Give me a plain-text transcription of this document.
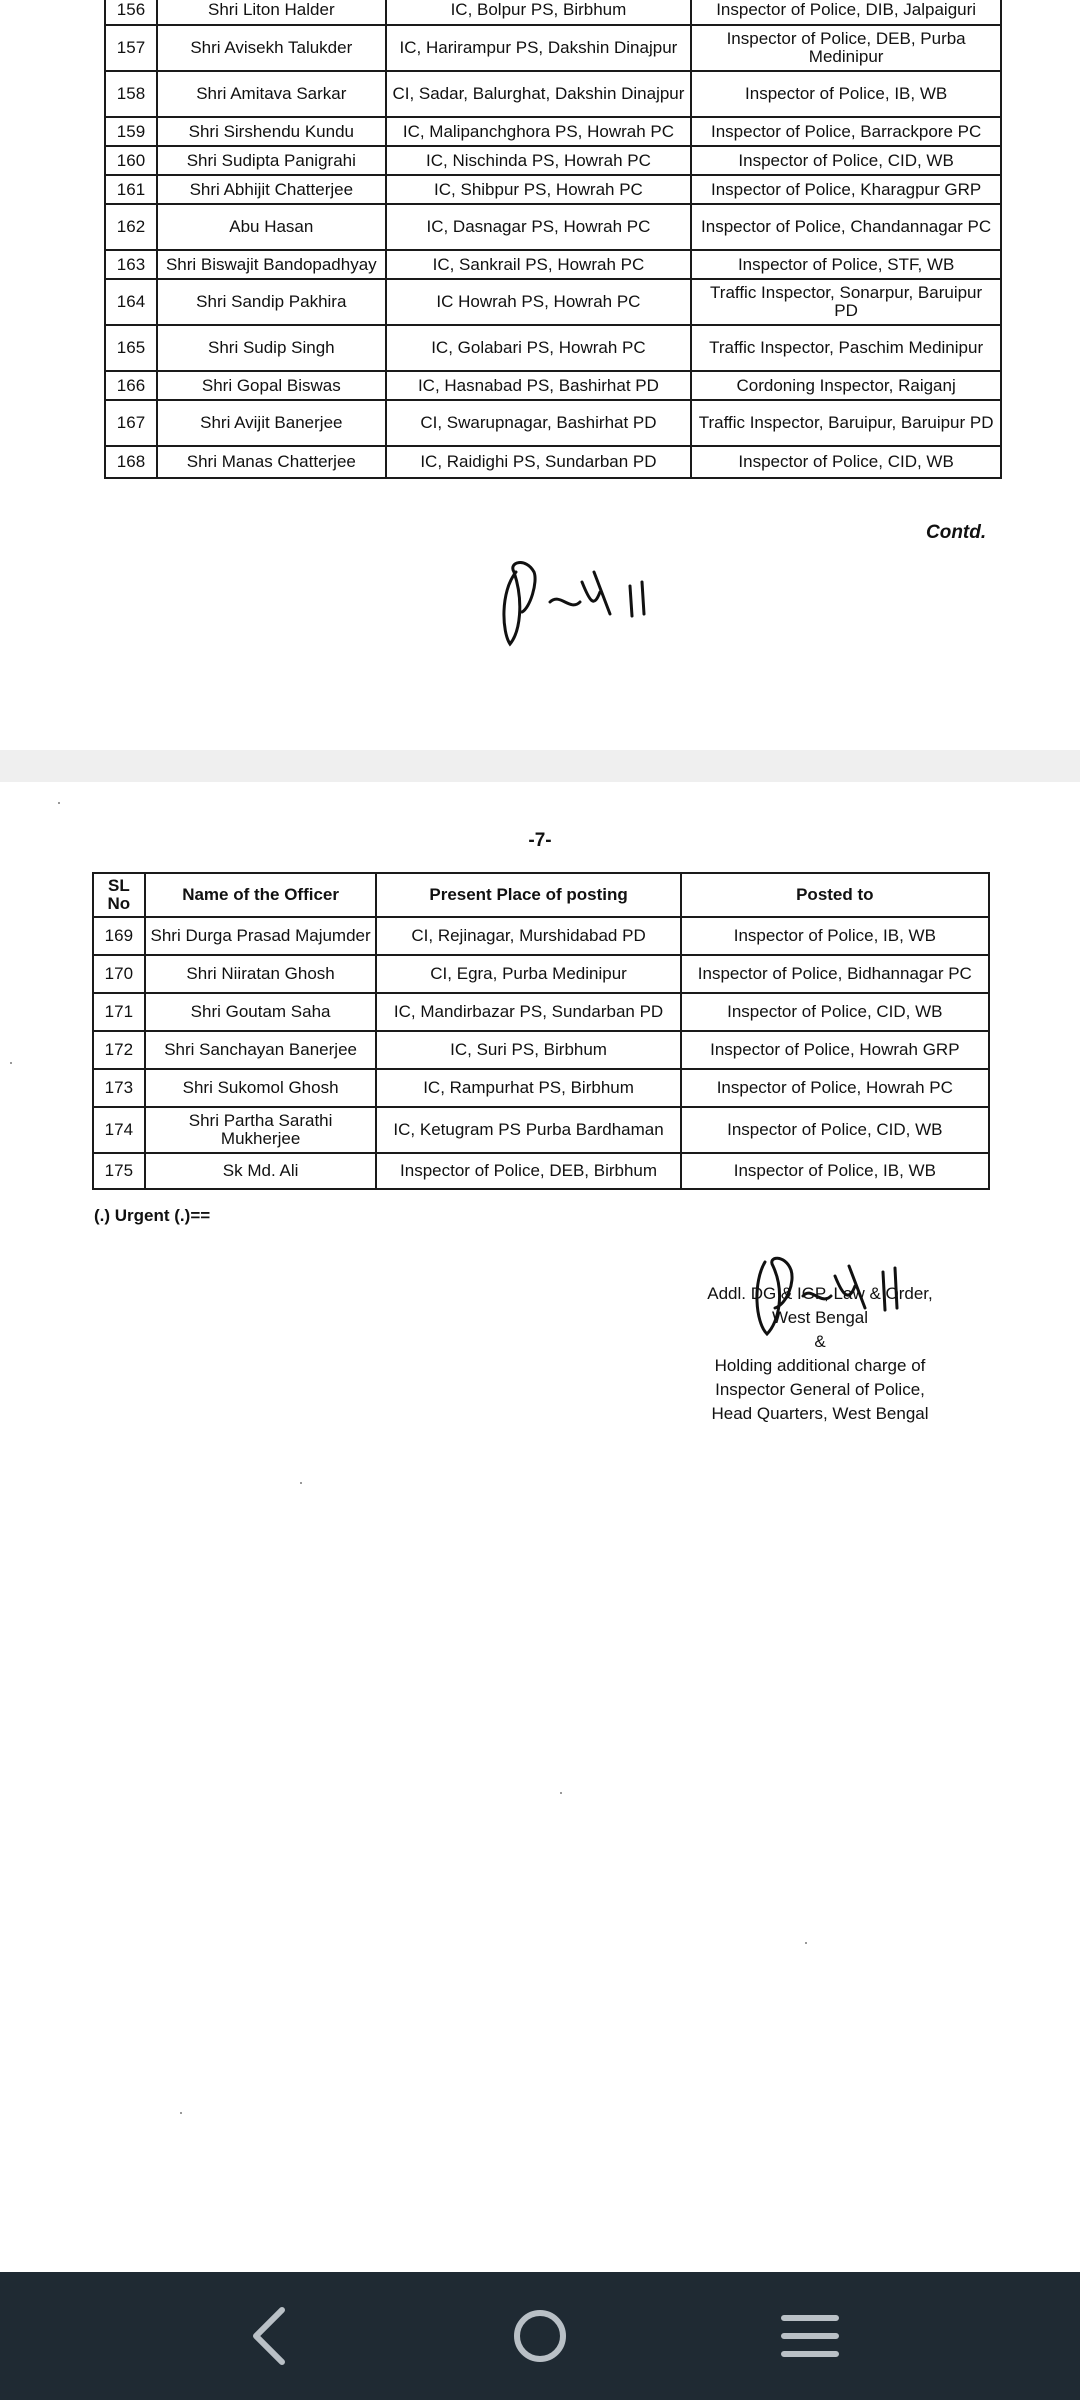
156	Shri Liton Halder	IC, Bolpur PS, Birbhum	Inspector of Police, DIB, Jalpaiguri
157	Shri Avisekh Talukder	IC, Harirampur PS, Dakshin Dinajpur	Inspector of Police, DEB, Purba Medinipur
158	Shri Amitava Sarkar	CI, Sadar, Balurghat, Dakshin Dinajpur	Inspector of Police, IB, WB
159	Shri Sirshendu Kundu	IC, Malipanchghora PS, Howrah PC	Inspector of Police, Barrackpore PC
160	Shri Sudipta Panigrahi	IC, Nischinda PS, Howrah PC	Inspector of Police, CID, WB
161	Shri Abhijit Chatterjee	IC, Shibpur PS, Howrah PC	Inspector of Police, Kharagpur GRP
162	Abu Hasan	IC, Dasnagar PS, Howrah PC	Inspector of Police, Chandannagar PC
163	Shri Biswajit Bandopadhyay	IC, Sankrail PS, Howrah PC	Inspector of Police, STF, WB
164	Shri Sandip Pakhira	IC Howrah PS, Howrah PC	Traffic Inspector, Sonarpur, Baruipur PD
165	Shri Sudip Singh	IC, Golabari PS, Howrah PC	Traffic Inspector, Paschim Medinipur
166	Shri Gopal Biswas	IC, Hasnabad PS, Bashirhat PD	Cordoning Inspector, Raiganj
167	Shri Avijit Banerjee	CI, Swarupnagar, Bashirhat PD	Traffic Inspector, Baruipur, Baruipur PD
168	Shri Manas Chatterjee	IC, Raidighi PS, Sundarban PD	Inspector of Police, CID, WB
Contd.
-7-
SL No	Name of the Officer	Present Place of posting	Posted to
169	Shri Durga Prasad Majumder	CI, Rejinagar, Murshidabad PD	Inspector of Police, IB, WB
170	Shri Niiratan Ghosh	CI, Egra, Purba Medinipur	Inspector of Police, Bidhannagar PC
171	Shri Goutam Saha	IC, Mandirbazar PS, Sundarban PD	Inspector of Police, CID, WB
172	Shri Sanchayan Banerjee	IC, Suri PS, Birbhum	Inspector of Police, Howrah GRP
173	Shri Sukomol Ghosh	IC, Rampurhat PS, Birbhum	Inspector of Police, Howrah PC
174	Shri Partha Sarathi Mukherjee	IC, Ketugram PS Purba Bardhaman	Inspector of Police, CID, WB
175	Sk Md. Ali	Inspector of Police, DEB, Birbhum	Inspector of Police, IB, WB
(.) Urgent (.)==
Addl. DG & IGP, Law & Order,
West Bengal
&
Holding additional charge of
Inspector General of Police,
Head Quarters, West Bengal
